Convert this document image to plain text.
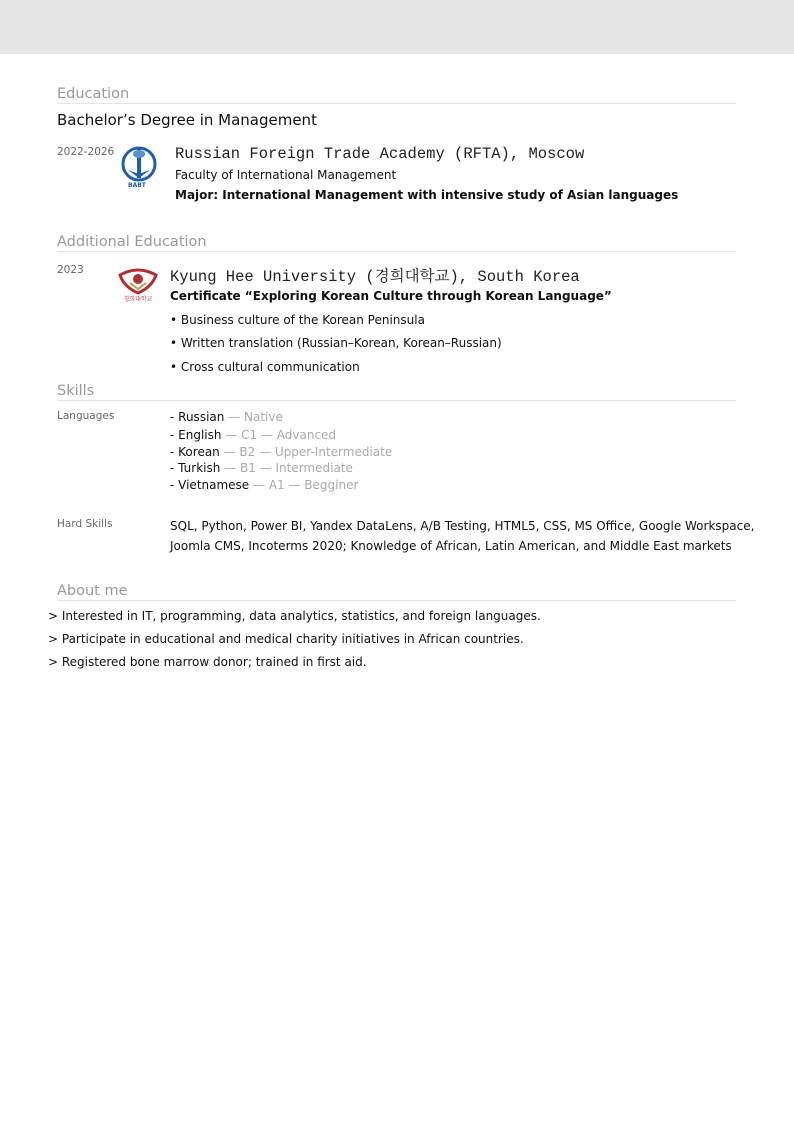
Education
Bachelor’s Degree in Management
2022-2026
ВАВТ
Russian Foreign Trade Academy (RFTA), Moscow
Faculty of International Management
Major: International Management with intensive study of Asian languages
Additional Education
2023
경희대학교
Kyung Hee University (경희대학교), South Korea
Certificate “Exploring Korean Culture through Korean Language”
• Business culture of the Korean Peninsula
• Written translation (Russian–Korean, Korean–Russian)
• Cross cultural communication
Skills
Languages	- Russian — Native
- English — C1 — Advanced
- Korean — B2 — Upper-Intermediate
- Turkish — B1 — Intermediate
- Vietnamese — A1 — Begginer
Hard Skills	SQL, Python, Power BI, Yandex DataLens, A/B Testing, HTML5, CSS, MS Office, Google Workspace,
Joomla CMS, Incoterms 2020; Knowledge of African, Latin American, and Middle East markets
About me
> Interested in IT, programming, data analytics, statistics, and foreign languages.
> Participate in educational and medical charity initiatives in African countries.
> Registered bone marrow donor; trained in first aid.
